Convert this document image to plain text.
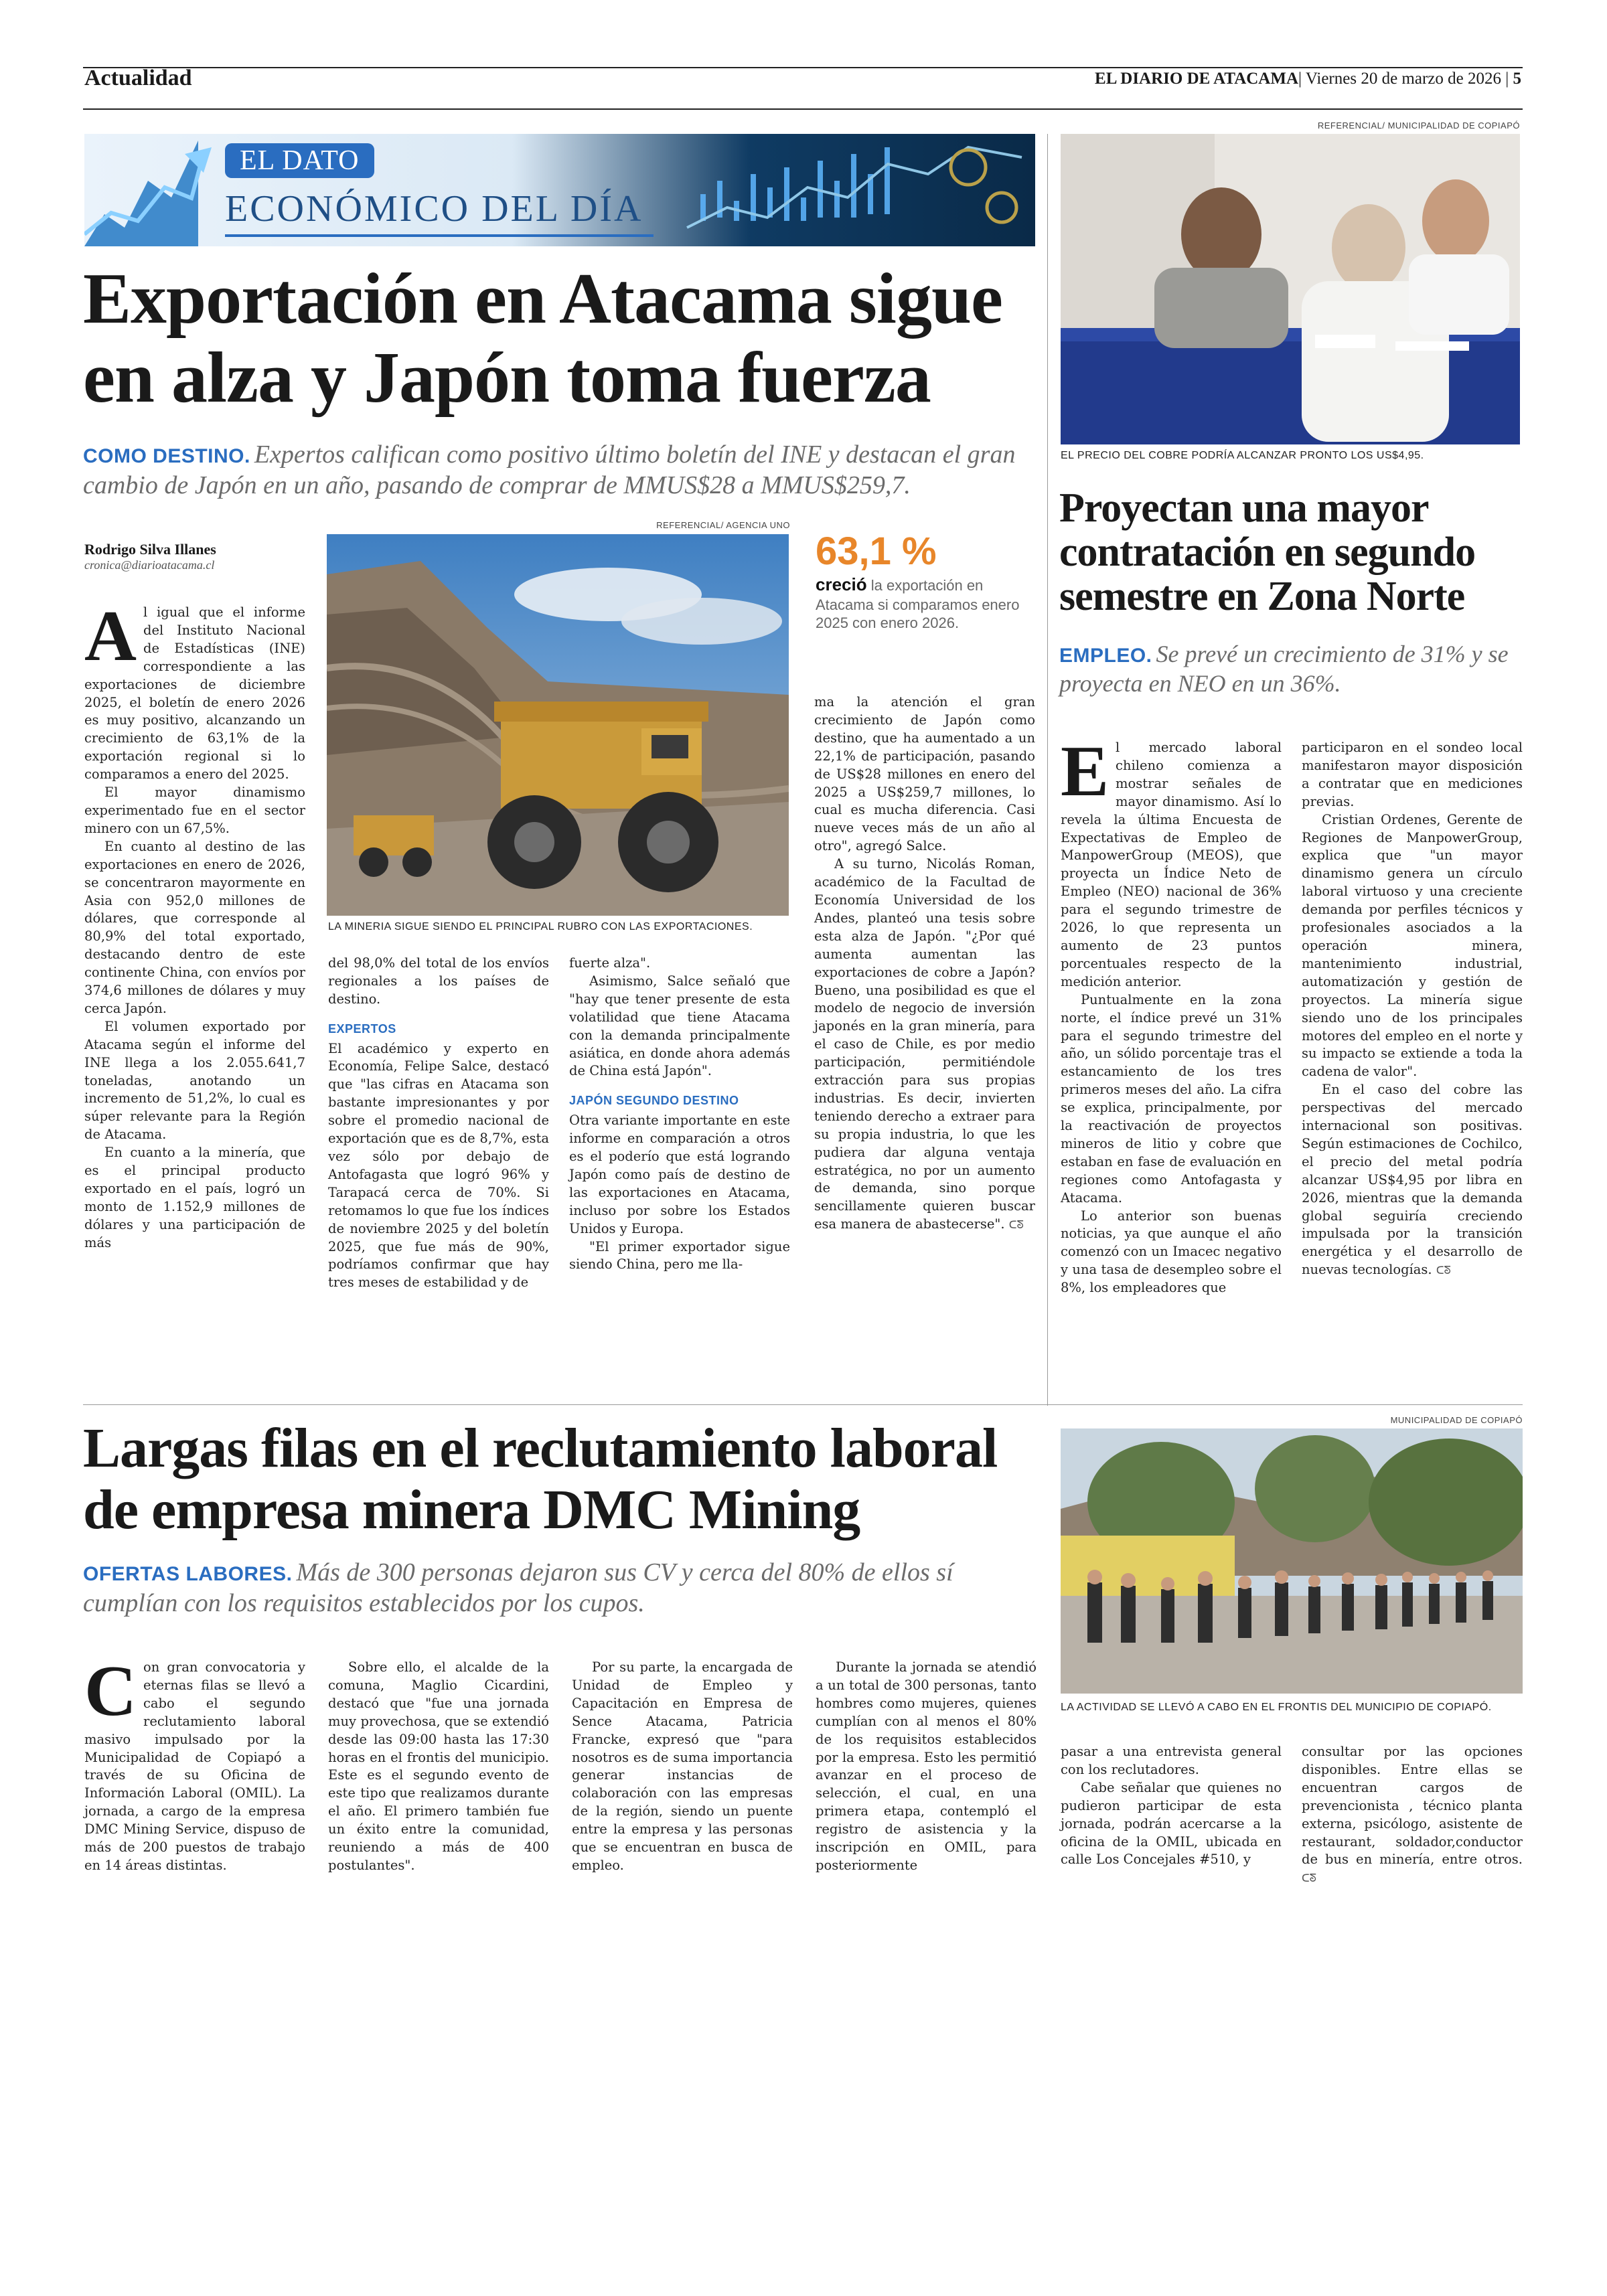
Actualidad	EL DIARIO DE ATACAMA| Viernes 20 de marzo de 2026 | 5
EL DATO
ECONÓMICO DEL DÍA
Exportación en Atacama sigue
en alza y Japón toma fuerza
COMO DESTINO. Expertos califican como positivo último boletín del INE y destacan el gran cambio de Japón en un año, pasando de comprar de MMUS$28 a MMUS$259,7.
Rodrigo Silva Illanes
cronica@diarioatacama.cl

Al igual que el informe del Instituto Nacional de Estadísticas (INE) correspondiente a las exportaciones de diciembre 2025, el boletín de enero 2026 es muy positivo, alcanzando un crecimiento de 63,1% de la exportación regional si lo comparamos a enero del 2025.

El mayor dinamismo experimentado fue en el sector minero con un 67,5%.

En cuanto al destino de las exportaciones en enero de 2026, se concentraron mayormente en Asia con 952,0 millones de dólares, que corresponde al 80,9% del total exportado, destacando dentro de este continente China, con envíos por 374,6 millones de dólares y muy cerca Japón.

El volumen exportado por Atacama según el informe del INE llega a los 2.055.641,7 toneladas, anotando un incremento de 51,2%, lo cual es súper relevante para la Región de Atacama.

En cuanto a la minería, que es el principal producto exportado en el país, logró un monto de 1.152,9 millones de dólares y una participación de más

REFERENCIAL/ AGENCIA UNO
LA MINERIA SIGUE SIENDO EL PRINCIPAL RUBRO CON LAS EXPORTACIONES.
63,1 %
creció la exportación en Atacama si comparamos enero 2025 con enero 2026.

del 98,0% del total de los envíos regionales a los países de destino.

EXPERTOS

El académico y experto en Economía, Felipe Salce, destacó que "las cifras en Atacama son bastante impresionantes y por sobre el promedio nacional de exportación que es de 8,7%, esta vez sólo por debajo de Antofagasta que logró 96% y Tarapacá cerca de 70%. Si retomamos lo que fue los índices de noviembre 2025 y del boletín 2025, que fue más de 90%, podríamos confirmar que hay tres meses de estabilidad y de

fuerte alza".

Asimismo, Salce señaló que "hay que tener presente de esta volatilidad que tiene Atacama con la demanda principalmente asiática, en donde ahora además de China está Japón".

JAPÓN SEGUNDO DESTINO

Otra variante importante en este informe en comparación a otros es el poderío que está logrando Japón como país de destino de las exportaciones en Atacama, incluso por sobre los Estados Unidos y Europa.

"El primer exportador sigue siendo China, pero me lla-

ma la atención el gran crecimiento de Japón como destino, que ha aumentado a un 22,1% de participación, pasando de US$28 millones en enero del 2025 a US$259,7 millones, lo cual es mucha diferencia. Casi nueve veces más de un año al otro", agregó Salce.

A su turno, Nicolás Roman, académico de la Facultad de Economía Universidad de los Andes, planteó una tesis sobre esta alza de Japón. "¿Por qué aumenta aumentan las exportaciones de cobre a Japón? Bueno, una posibilidad es que el modelo de negocio de inversión japonés en la gran minería, para el caso de Chile, es por medio participación, permitiéndole extracción para sus propias industrias. Es decir, invierten teniendo derecho a extraer para su propia industria, lo que les pudiera dar alguna ventaja estratégica, no por un aumento de demanda, sino porque sencillamente quieren buscar esa manera de abastecerse". ᑕᘕ

REFERENCIAL/ MUNICIPALIDAD DE COPIAPÓ
EL PRECIO DEL COBRE PODRÍA ALCANZAR PRONTO LOS US$4,95.
Proyectan una mayor
contratación en segundo
semestre en Zona Norte
EMPLEO. Se prevé un crecimiento de 31% y se proyecta en NEO en un 36%.

El mercado laboral chileno comienza a mostrar señales de mayor dinamismo. Así lo revela la última Encuesta de Expectativas de Empleo de ManpowerGroup (MEOS), que proyecta un Índice Neto de Empleo (NEO) nacional de 36% para el segundo trimestre de 2026, lo que representa un aumento de 23 puntos porcentuales respecto de la medición anterior.

Puntualmente en la zona norte, el índice prevé un 31% para el segundo trimestre del año, un sólido porcentaje tras el estancamiento de los tres primeros meses del año. La cifra se explica, principalmente, por la reactivación de proyectos mineros de litio y cobre que estaban en fase de evaluación en regiones como Antofagasta y Atacama.

Lo anterior son buenas noticias, ya que aunque el año comenzó con un Imacec negativo y una tasa de desempleo sobre el 8%, los empleadores que

participaron en el sondeo local manifestaron mayor disposición a contratar que en mediciones previas.

Cristian Ordenes, Gerente de Regiones de ManpowerGroup, explica que "un mayor dinamismo genera un círculo laboral virtuoso y una creciente demanda por perfiles técnicos y profesionales asociados a la operación minera, mantenimiento industrial, automatización y gestión de proyectos. La minería sigue siendo uno de los principales motores del empleo en el norte y su impacto se extiende a toda la cadena de valor".

En el caso del cobre las perspectivas del mercado internacional son positivas. Según estimaciones de Cochilco, el precio del metal podría alcanzar US$4,95 por libra en 2026, mientras que la demanda global seguiría creciendo impulsada por la transición energética y el desarrollo de nuevas tecnologías. ᑕᘕ

Largas filas en el reclutamiento laboral
de empresa minera DMC Mining
OFERTAS LABORES. Más de 300 personas dejaron sus CV y cerca del 80% de ellos sí cumplían con los requisitos establecidos por los cupos.
MUNICIPALIDAD DE COPIAPÓ
LA ACTIVIDAD SE LLEVÓ A CABO EN EL FRONTIS DEL MUNICIPIO DE COPIAPÓ.

Con gran convocatoria y eternas filas se llevó a cabo el segundo reclutamiento laboral masivo impulsado por la Municipalidad de Copiapó a través de su Oficina de Información Laboral (OMIL). La jornada, a cargo de la empresa DMC Mining Service, dispuso de más de 200 puestos de trabajo en 14 áreas distintas.

Sobre ello, el alcalde de la comuna, Maglio Cicardini, destacó que "fue una jornada muy provechosa, que se extendió desde las 09:00 hasta las 17:30 horas en el frontis del municipio. Este es el segundo evento de este tipo que realizamos durante el año. El primero también fue un éxito entre la comunidad, reuniendo a más de 400 postulantes".

Por su parte, la encargada de Unidad de Empleo y Capacitación en Empresa de Sence Atacama, Patricia Francke, expresó que "para nosotros es de suma importancia generar instancias de colaboración con las empresas de la región, siendo un puente entre la empresa y las personas que se encuentran en busca de empleo.

Durante la jornada se atendió a un total de 300 personas, tanto hombres como mujeres, quienes cumplían con al menos el 80% de los requisitos establecidos por la empresa. Esto les permitió avanzar en el proceso de selección, el cual, en una primera etapa, contempló el registro de asistencia y la inscripción en OMIL, para posteriormente

pasar a una entrevista general con los reclutadores.

Cabe señalar que quienes no pudieron participar de esta jornada, podrán acercarse a la oficina de la OMIL, ubicada en calle Los Concejales #510, y

consultar por las opciones disponibles. Entre ellas se encuentran cargos de prevencionista , técnico planta externa, psicólogo, asistente de restaurant, soldador,conductor de bus en minería, entre otros. ᑕᘕ
